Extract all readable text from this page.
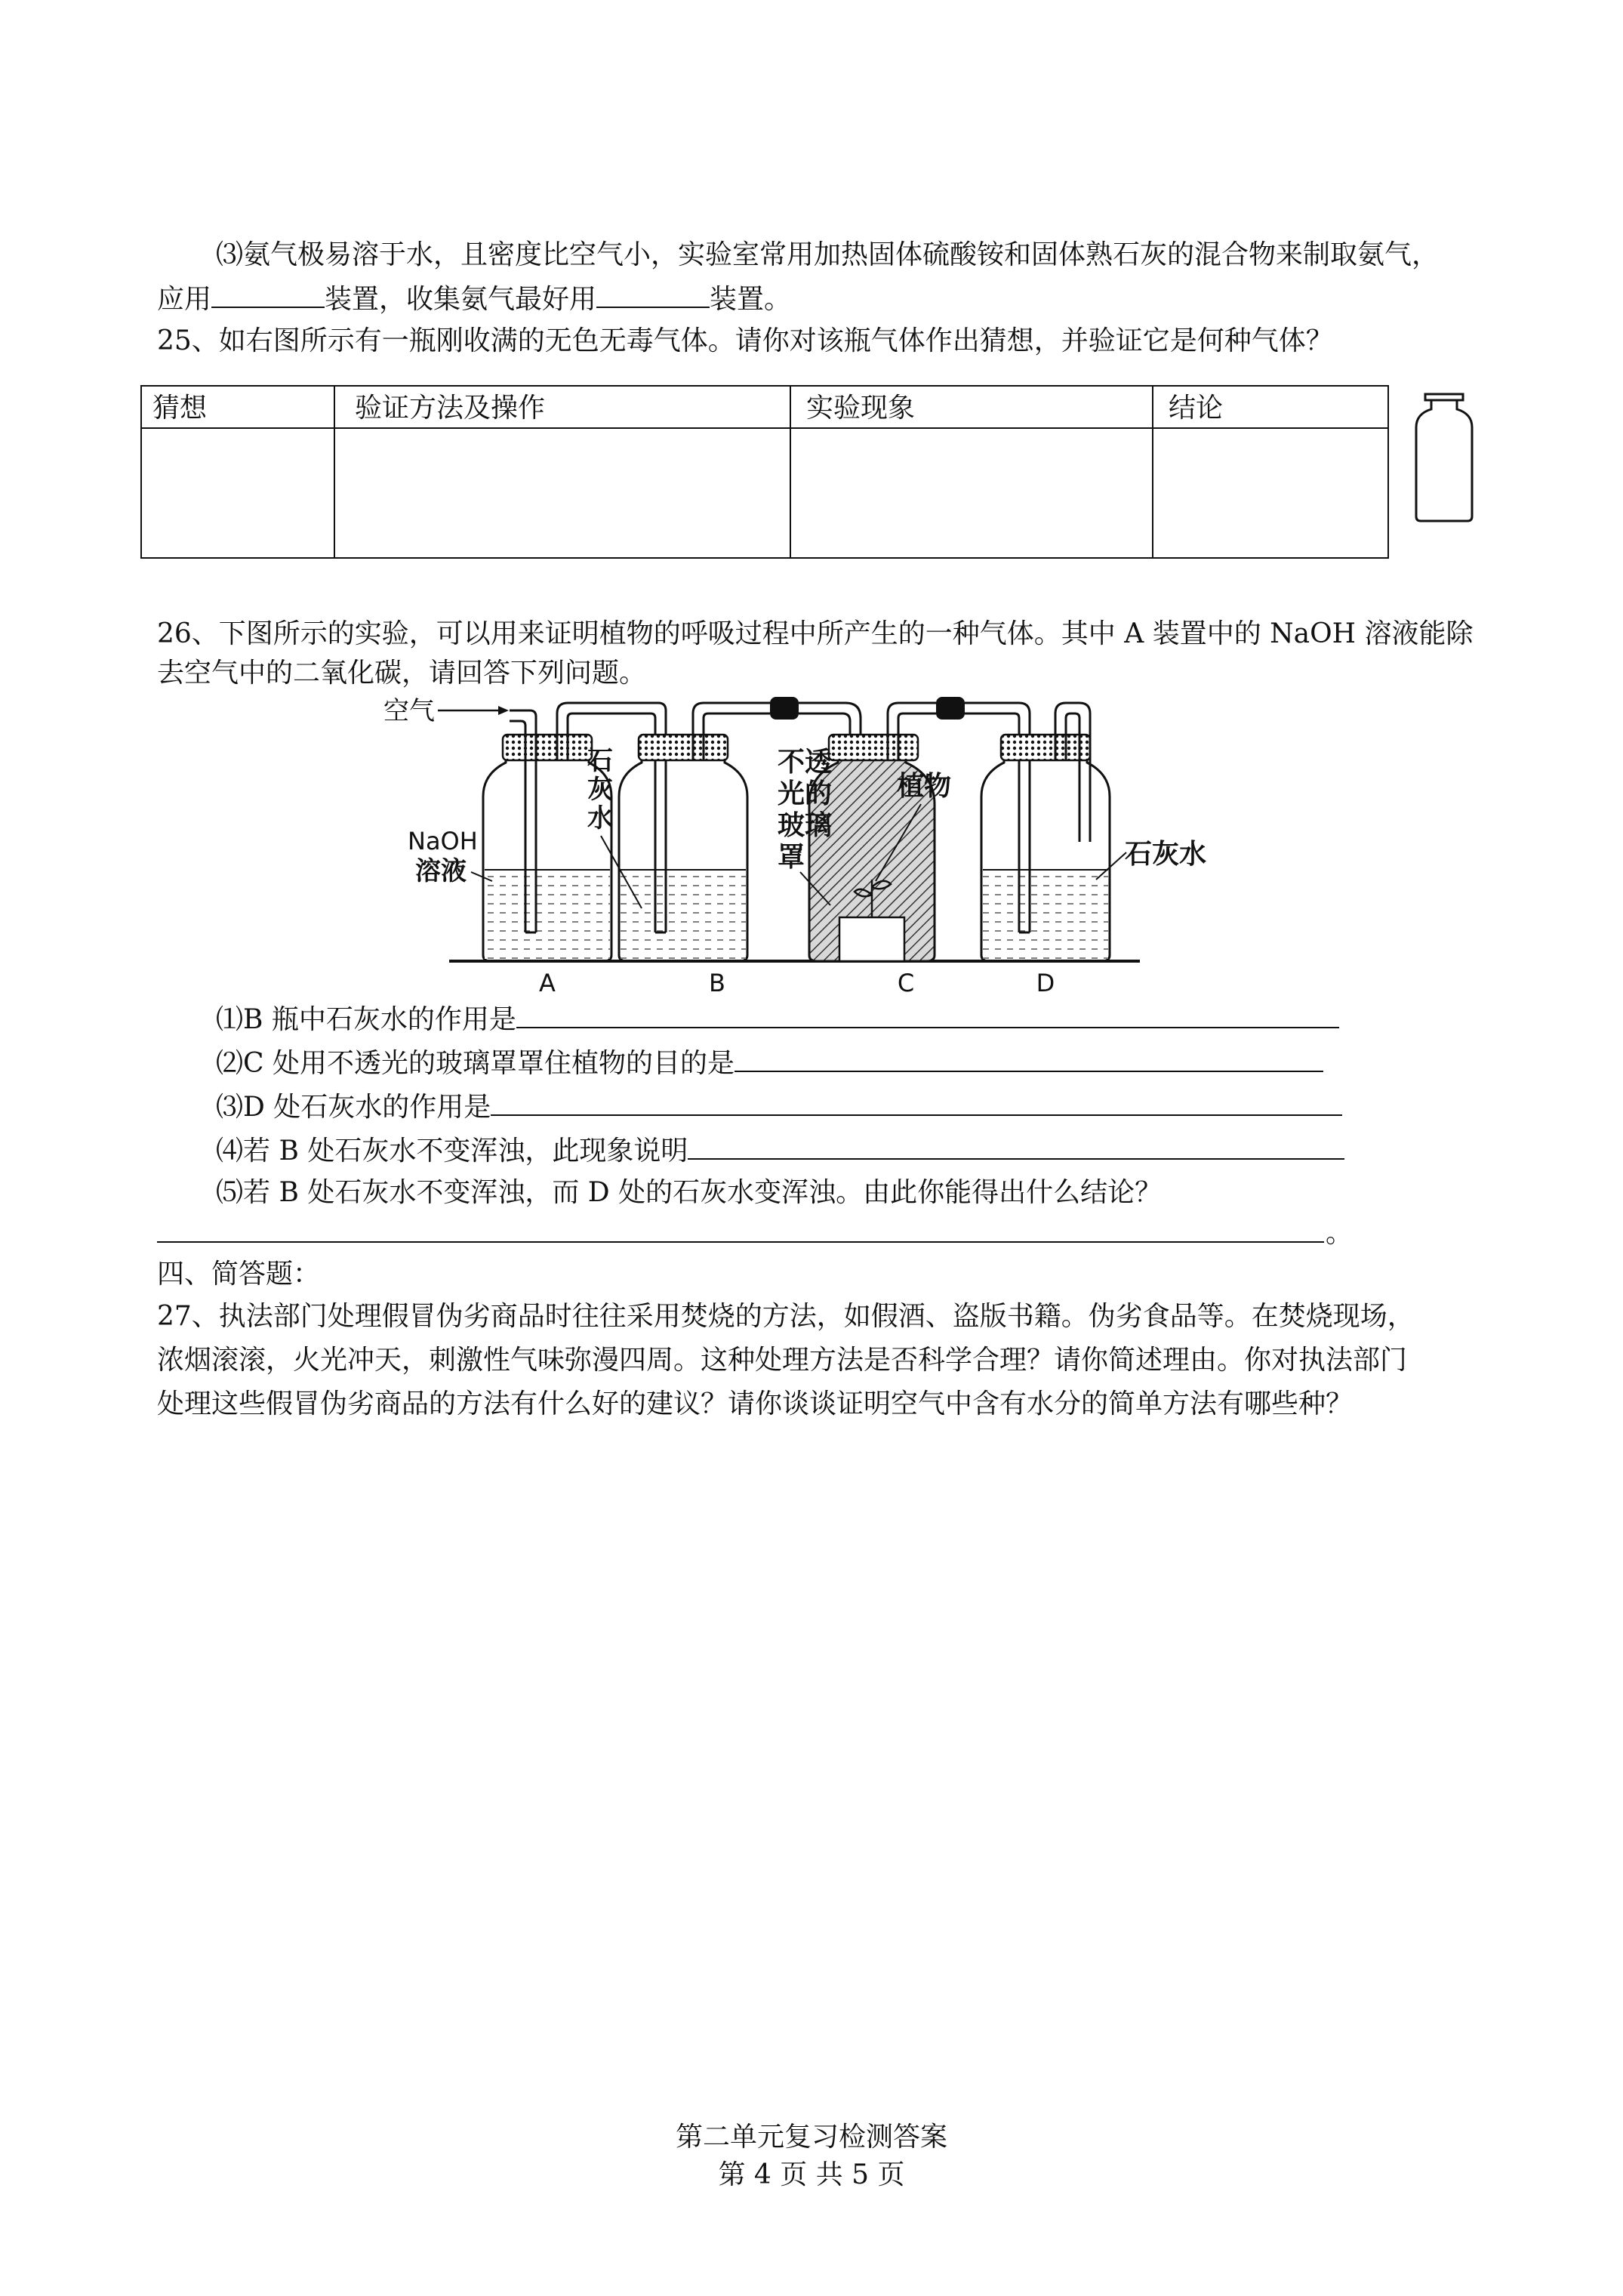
⑶氨气极易溶于水，且密度比空气小，实验室常用加热固体硫酸铵和固体熟石灰的混合物来制取氨气，
应用	装置，收集氨气最好用	装置。
25、如右图所示有一瓶刚收满的无色无毒气体。请你对该瓶气体作出猜想，并验证它是何种气体？
猜想	验证方法及操作	实验现象	结论

26、下图所示的实验，可以用来证明植物的呼吸过程中所产生的一种气体。其中 A 装置中的 NaOH 溶液能除
去空气中的二氧化碳，请回答下列问题。
空气
NaOH
溶液
石
灰
水
不透
光的
玻璃
罩
植物
石灰水
A	B	C	D
⑴B 瓶中石灰水的作用是
⑵C 处用不透光的玻璃罩罩住植物的目的是
⑶D 处石灰水的作用是
⑷若 B 处石灰水不变浑浊，此现象说明
⑸若 B 处石灰水不变浑浊，而 D 处的石灰水变浑浊。由此你能得出什么结论？
。
四、简答题：
27、执法部门处理假冒伪劣商品时往往采用焚烧的方法，如假酒、盗版书籍。伪劣食品等。在焚烧现场，
浓烟滚滚，火光冲天，刺激性气味弥漫四周。这种处理方法是否科学合理？请你简述理由。你对执法部门
处理这些假冒伪劣商品的方法有什么好的建议？请你谈谈证明空气中含有水分的简单方法有哪些种？
第二单元复习检测答案
第 4 页 共 5 页
